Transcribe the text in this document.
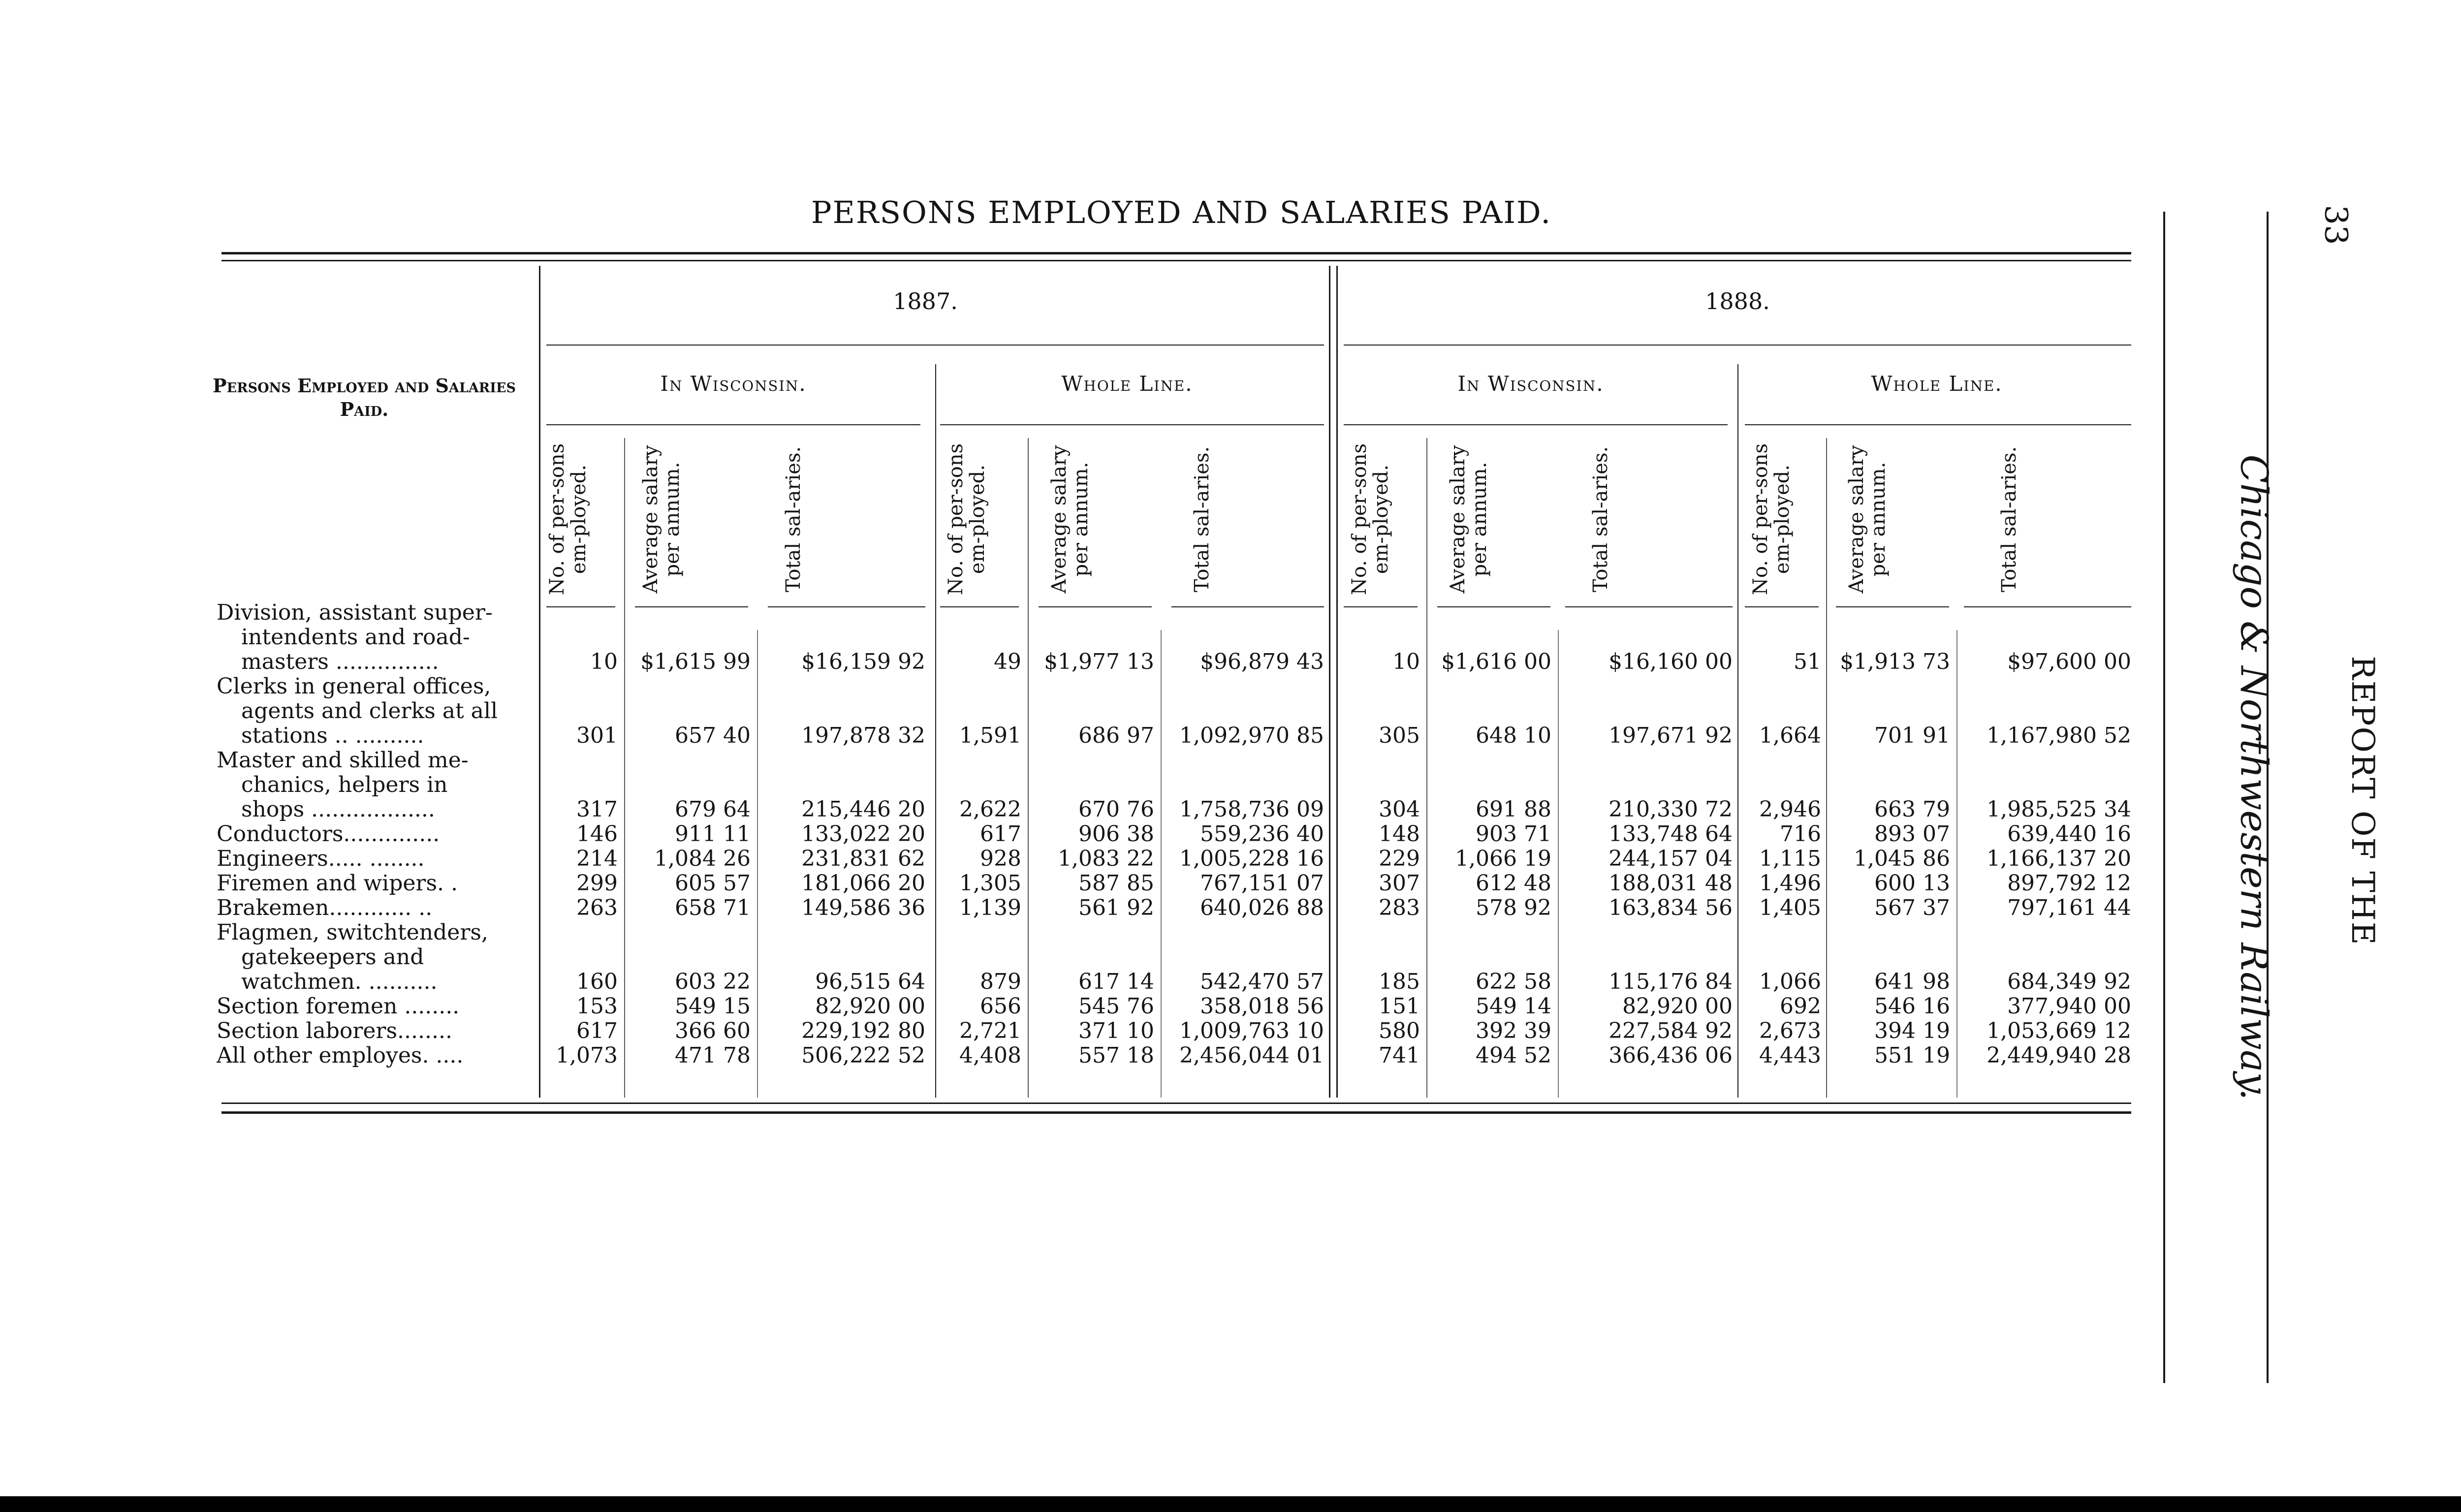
PERSONS EMPLOYED AND SALARIES PAID.
1887.	1888.
In Wisconsin.	Whole Line.	In Wisconsin.	Whole Line.
Persons Employed and Salaries Paid.
No. of per-sons em-ployed.	Average salary per annum.	Total sal-aries.	No. of per-sons em-ployed.	Average salary per annum.	Total sal-aries.	No. of per-sons em-ployed.	Average salary per annum.	Total sal-aries.	No. of per-sons em-ployed.	Average salary per annum.	Total sal-aries.
Division, assistant super-
intendents and road-
masters ...............	10	$1,615 99	$16,159 92	49	$1,977 13	$96,879 43	10 $1,616 00	$16,160 00	51 $1,913 73	$97,600 00
Clerks in general offices,
agents and clerks at all
stations .. ..........	301	657 40	197,878 32	1,591	686 97	1,092,970 85	305	648 10	197,671 92	1,664	701 91	1,167,980 52
Master and skilled me-
chanics, helpers in
shops ..................	317	679 64	215,446 20	2,622	670 76	1,758,736 09	304	691 88	210,330 72	2,946	663 79	1,985,525 34
Conductors..............	146	911 11	133,022 20	617	906 38	559,236 40	148	903 71	133,748 64	716	893 07	639,440 16
Engineers..... ........	214	1,084 26	231,831 62	928	1,083 22	1,005,228 16	229	1,066 19	244,157 04	1,115	1,045 86	1,166,137 20
Firemen and wipers. .	299	605 57	181,066 20	1,305	587 85	767,151 07	307	612 48	188,031 48	1,496	600 13	897,792 12
Brakemen............ ..	263	658 71	149,586 36	1,139	561 92	640,026 88	283	578 92	163,834 56	1,405	567 37	797,161 44
Flagmen, switchtenders,
gatekeepers and
watchmen. ..........	160	603 22	96,515 64	879	617 14	542,470 57	185	622 58	115,176 84	1,066	641 98	684,349 92
Section foremen ........	153	549 15	82,920 00	656	545 76	358,018 56	151	549 14	82,920 00	692	546 16	377,940 00
Section laborers........	617	366 60	229,192 80	2,721	371 10	1,009,763 10	580	392 39	227,584 92	2,673	394 19	1,053,669 12
All other employes. ....	1,073	471 78	506,222 52	4,408	557 18	2,456,044 01	741	494 52	366,436 06	4,443	551 19	2,449,940 28	Chicago & Northwestern Railway. REPORT OF THE
33
